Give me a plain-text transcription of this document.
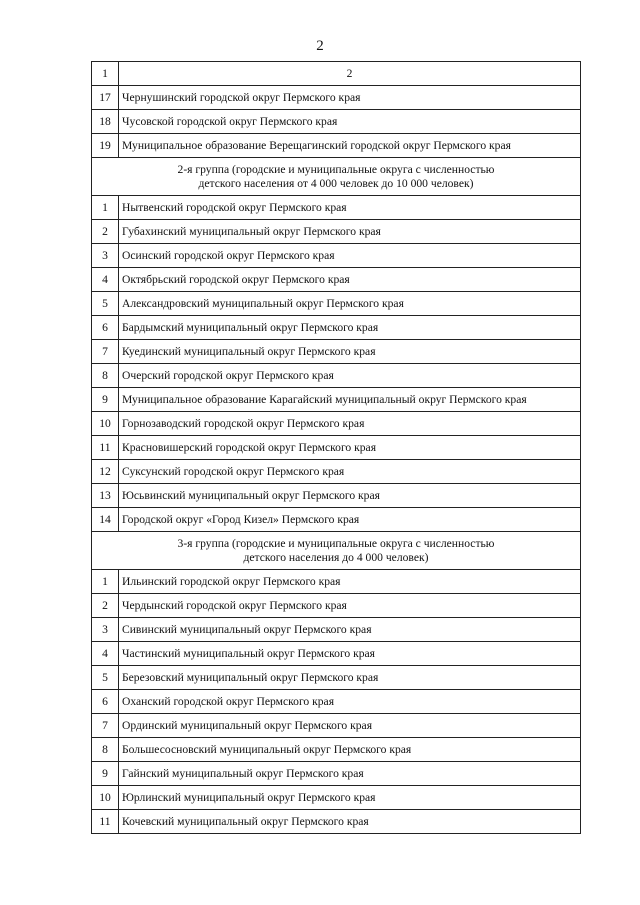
2
1	2
17	Чернушинский городской округ Пермского края
18	Чусовской городской округ Пермского края
19	Муниципальное образование Верещагинский городской округ Пермского края

2-я группа (городские и муниципальные округа с численностью
детского населения от 4 000 человек до 10 000 человек)	

1	Нытвенский городской округ Пермского края
2	Губахинский муниципальный округ Пермского края
3	Осинский городской округ Пермского края
4	Октябрьский городской округ Пермского края
5	Александровский муниципальный округ Пермского края
6	Бардымский муниципальный округ Пермского края
7	Куединский муниципальный округ Пермского края
8	Очерский городской округ Пермского края
9	Муниципальное образование Карагайский муниципальный округ Пермского края
10	Горнозаводский городской округ Пермского края
11	Красновишерский городской округ Пермского края
12	Суксунский городской округ Пермского края
13	Юсьвинский муниципальный округ Пермского края
14	Городской округ «Город Кизел» Пермского края

3-я группа (городские и муниципальные округа с численностью
детского населения до 4 000 человек)	

1	Ильинский городской округ Пермского края
2	Чердынский городской округ Пермского края
3	Сивинский муниципальный округ Пермского края
4	Частинский муниципальный округ Пермского края
5	Березовский муниципальный округ Пермского края
6	Оханский городской округ Пермского края
7	Ординский муниципальный округ Пермского края
8	Большесосновский муниципальный округ Пермского края
9	Гайнский муниципальный округ Пермского края
10	Юрлинский муниципальный округ Пермского края
11	Кочевский муниципальный округ Пермского края
